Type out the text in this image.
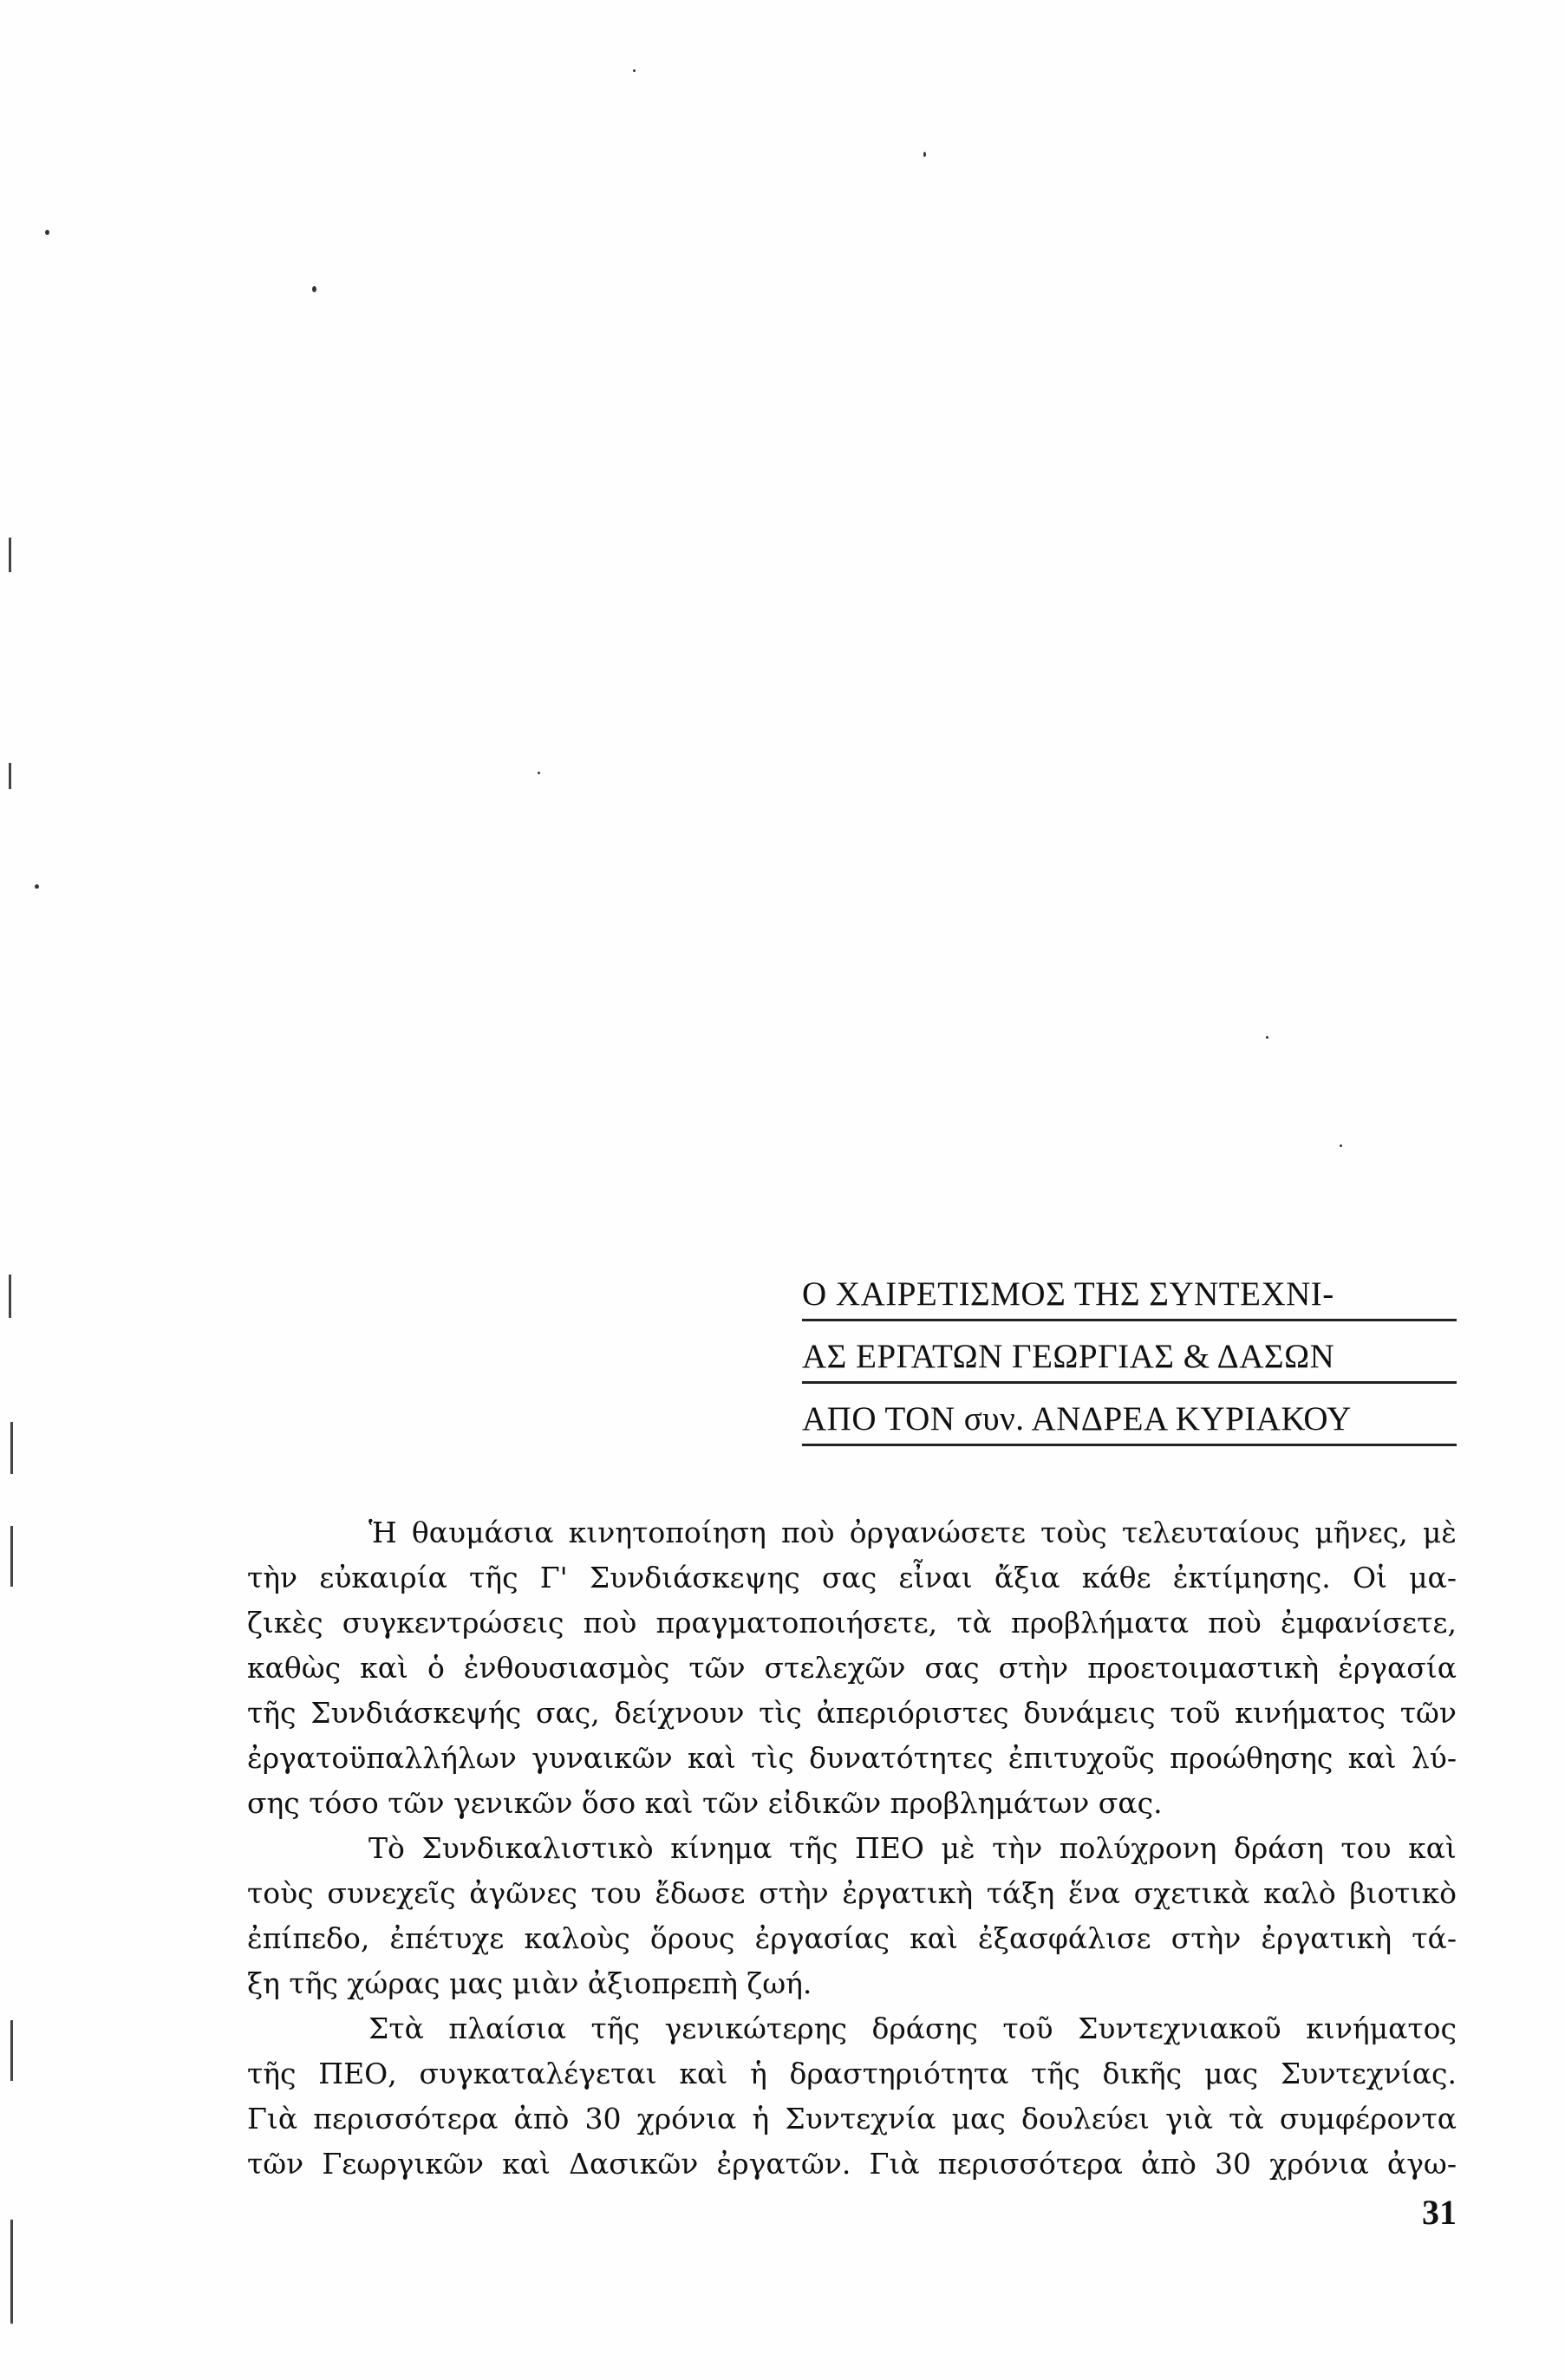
Ο ΧΑΙΡΕΤΙΣΜΟΣ ΤΗΣ ΣΥΝΤΕΧΝΙ-
ΑΣ ΕΡΓΑΤΩΝ ΓΕΩΡΓΙΑΣ & ΔΑΣΩΝ
ΑΠΟ ΤΟΝ συν. ΑΝΔΡΕΑ ΚΥΡΙΑΚΟΥ
Ἡ θαυμάσια κινητοποίηση ποὺ ὀργανώσετε τοὺς τελευταίους μῆνες, μὲ
τὴν εὐκαιρία τῆς Γ' Συνδιάσκεψης σας εἶναι ἄξια κάθε ἐκτίμησης. Οἱ μα-
ζικὲς συγκεντρώσεις ποὺ πραγματοποιήσετε, τὰ προβλήματα ποὺ ἐμφανίσετε,
καθὼς καὶ ὁ ἐνθουσιασμὸς τῶν στελεχῶν σας στὴν προετοιμαστικὴ ἐργασία
τῆς Συνδιάσκεψής σας, δείχνουν τὶς ἀπεριόριστες δυνάμεις τοῦ κινήματος τῶν
ἐργατοϋπαλλήλων γυναικῶν καὶ τὶς δυνατότητες ἐπιτυχοῦς προώθησης καὶ λύ-
σης τόσο τῶν γενικῶν ὅσο καὶ τῶν εἰδικῶν προβλημάτων σας.
Τὸ Συνδικαλιστικὸ κίνημα τῆς ΠΕΟ μὲ τὴν πολύχρονη δράση του καὶ
τοὺς συνεχεῖς ἀγῶνες του ἔδωσε στὴν ἐργατικὴ τάξη ἕνα σχετικὰ καλὸ βιοτικὸ
ἐπίπεδο, ἐπέτυχε καλοὺς ὅρους ἐργασίας καὶ ἐξασφάλισε στὴν ἐργατικὴ τά-
ξη τῆς χώρας μας μιὰν ἀξιοπρεπὴ ζωή.
Στὰ πλαίσια τῆς γενικώτερης δράσης τοῦ Συντεχνιακοῦ κινήματος
τῆς ΠΕΟ, συγκαταλέγεται καὶ ἡ δραστηριότητα τῆς δικῆς μας Συντεχνίας.
Γιὰ περισσότερα ἀπὸ 30 χρόνια ἡ Συντεχνία μας δουλεύει γιὰ τὰ συμφέροντα
τῶν Γεωργικῶν καὶ Δασικῶν ἐργατῶν. Γιὰ περισσότερα ἀπὸ 30 χρόνια ἀγω-
31
